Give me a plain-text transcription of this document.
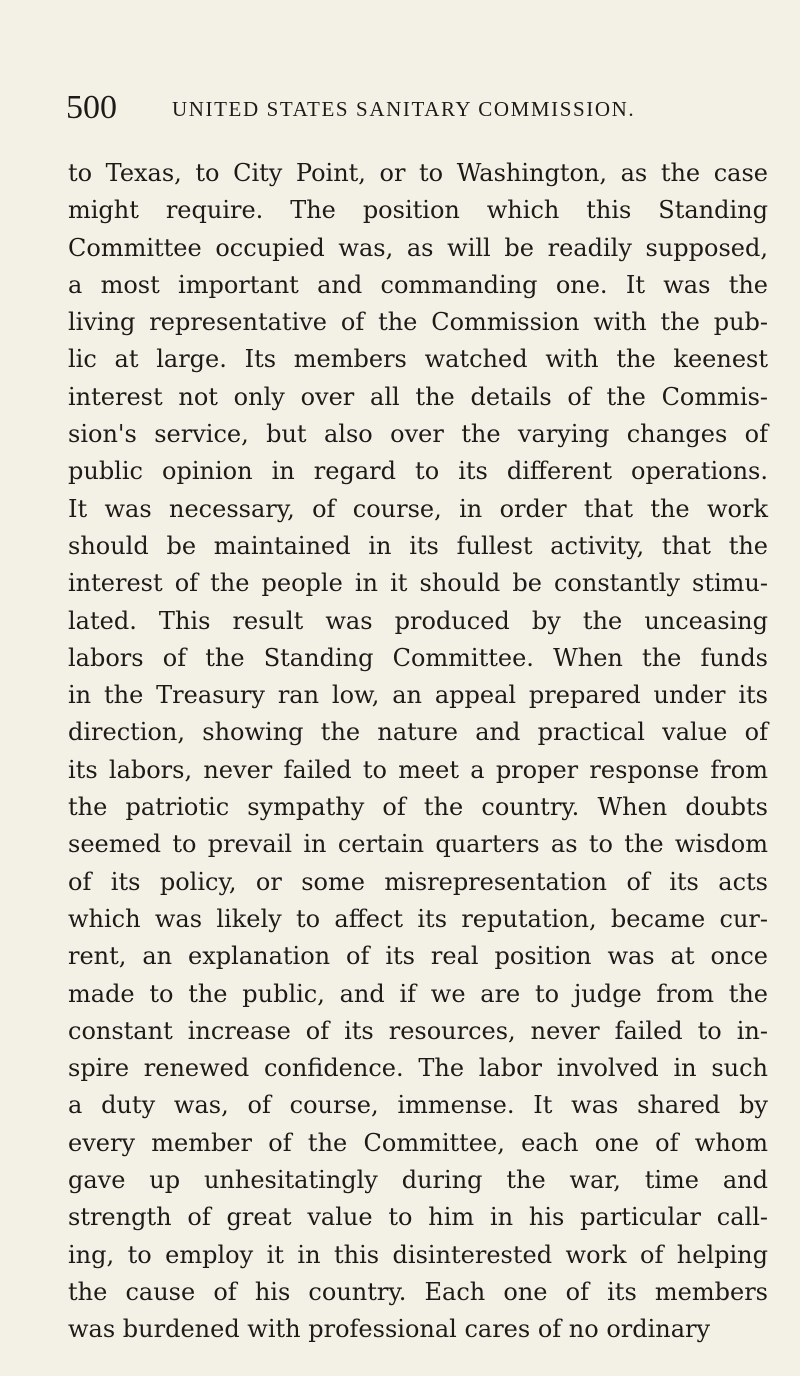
500	UNITED STATES SANITARY COMMISSION.
to Texas, to City Point, or to Washington, as the case
might require. The position which this Standing
Committee occupied was, as will be readily supposed,
a most important and commanding one. It was the
living representative of the Commission with the pub-
lic at large. Its members watched with the keenest
interest not only over all the details of the Commis-
sion's service, but also over the varying changes of
public opinion in regard to its different operations.
It was necessary, of course, in order that the work
should be maintained in its fullest activity, that the
interest of the people in it should be constantly stimu-
lated. This result was produced by the unceasing
labors of the Standing Committee. When the funds
in the Treasury ran low, an appeal prepared under its
direction, showing the nature and practical value of
its labors, never failed to meet a proper response from
the patriotic sympathy of the country. When doubts
seemed to prevail in certain quarters as to the wisdom
of its policy, or some misrepresentation of its acts
which was likely to affect its reputation, became cur-
rent, an explanation of its real position was at once
made to the public, and if we are to judge from the
constant increase of its resources, never failed to in-
spire renewed confidence. The labor involved in such
a duty was, of course, immense. It was shared by
every member of the Committee, each one of whom
gave up unhesitatingly during the war, time and
strength of great value to him in his particular call-
ing, to employ it in this disinterested work of helping
the cause of his country. Each one of its members
was burdened with professional cares of no ordinary
